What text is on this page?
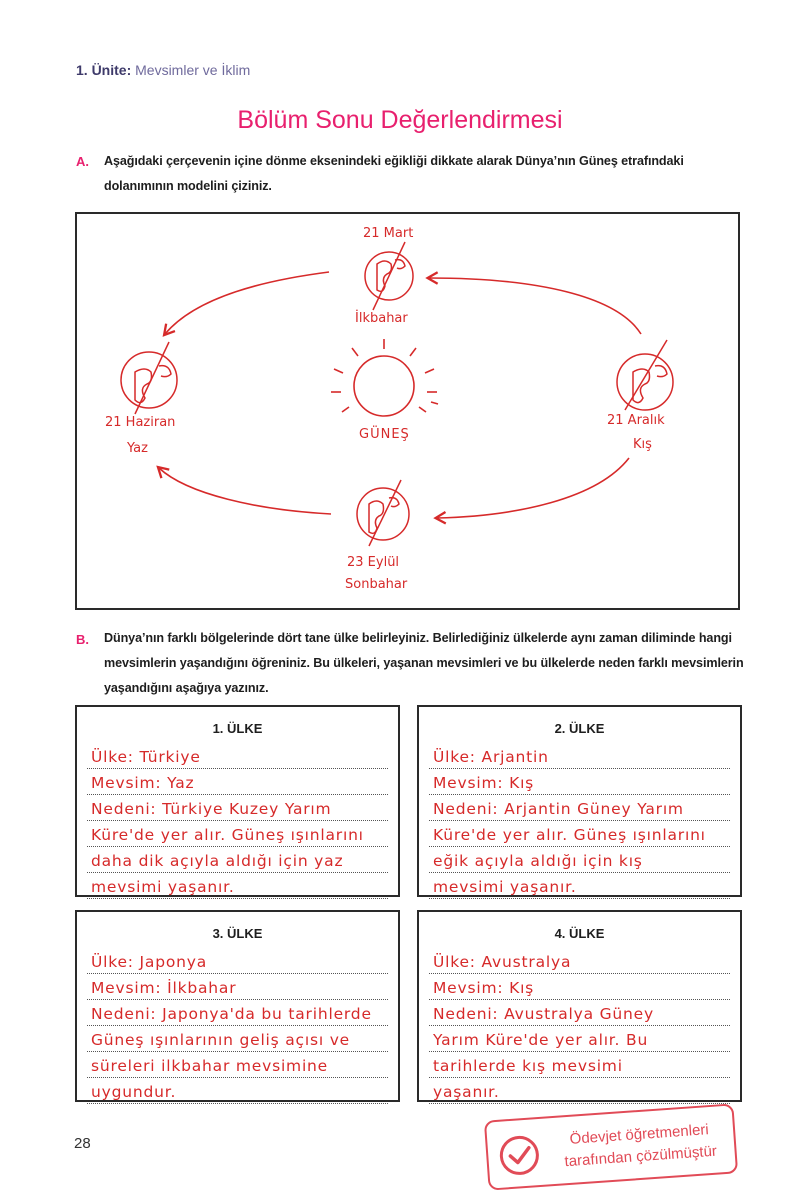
1. Ünite: Mevsimler ve İklim
Bölüm Sonu Değerlendirmesi
A. Aşağıdaki çerçevenin içine dönme eksenindeki eğikliği dikkate alarak Dünya’nın Güneş etrafındaki dolanımının modelini çiziniz.
21 Mart
İlkbahar
21 Haziran
Yaz
21 Aralık
Kış
GÜNEŞ
23 Eylül
Sonbahar
B. Dünya’nın farklı bölgelerinde dört tane ülke belirleyiniz. Belirlediğiniz ülkelerde aynı zaman diliminde hangi mevsimlerin yaşandığını öğreniniz. Bu ülkeleri, yaşanan mevsimleri ve bu ülkelerde neden farklı mevsimlerin yaşandığını aşağıya yazınız.
1. ÜLKE
Ülke: Türkiye
Mevsim: Yaz
Nedeni: Türkiye Kuzey Yarım
Küre'de yer alır. Güneş ışınlarını
daha dik açıyla aldığı için yaz
mevsimi yaşanır.
2. ÜLKE
Ülke: Arjantin
Mevsim: Kış
Nedeni: Arjantin Güney Yarım
Küre'de yer alır. Güneş ışınlarını
eğik açıyla aldığı için kış
mevsimi yaşanır.
3. ÜLKE
Ülke: Japonya
Mevsim: İlkbahar
Nedeni: Japonya'da bu tarihlerde
Güneş ışınlarının geliş açısı ve
süreleri ilkbahar mevsimine
uygundur.
4. ÜLKE
Ülke: Avustralya
Mevsim: Kış
Nedeni: Avustralya Güney
Yarım Küre'de yer alır. Bu
tarihlerde kış mevsimi
yaşanır.
28	Ödevjet öğretmenleri
tarafından çözülmüştür
